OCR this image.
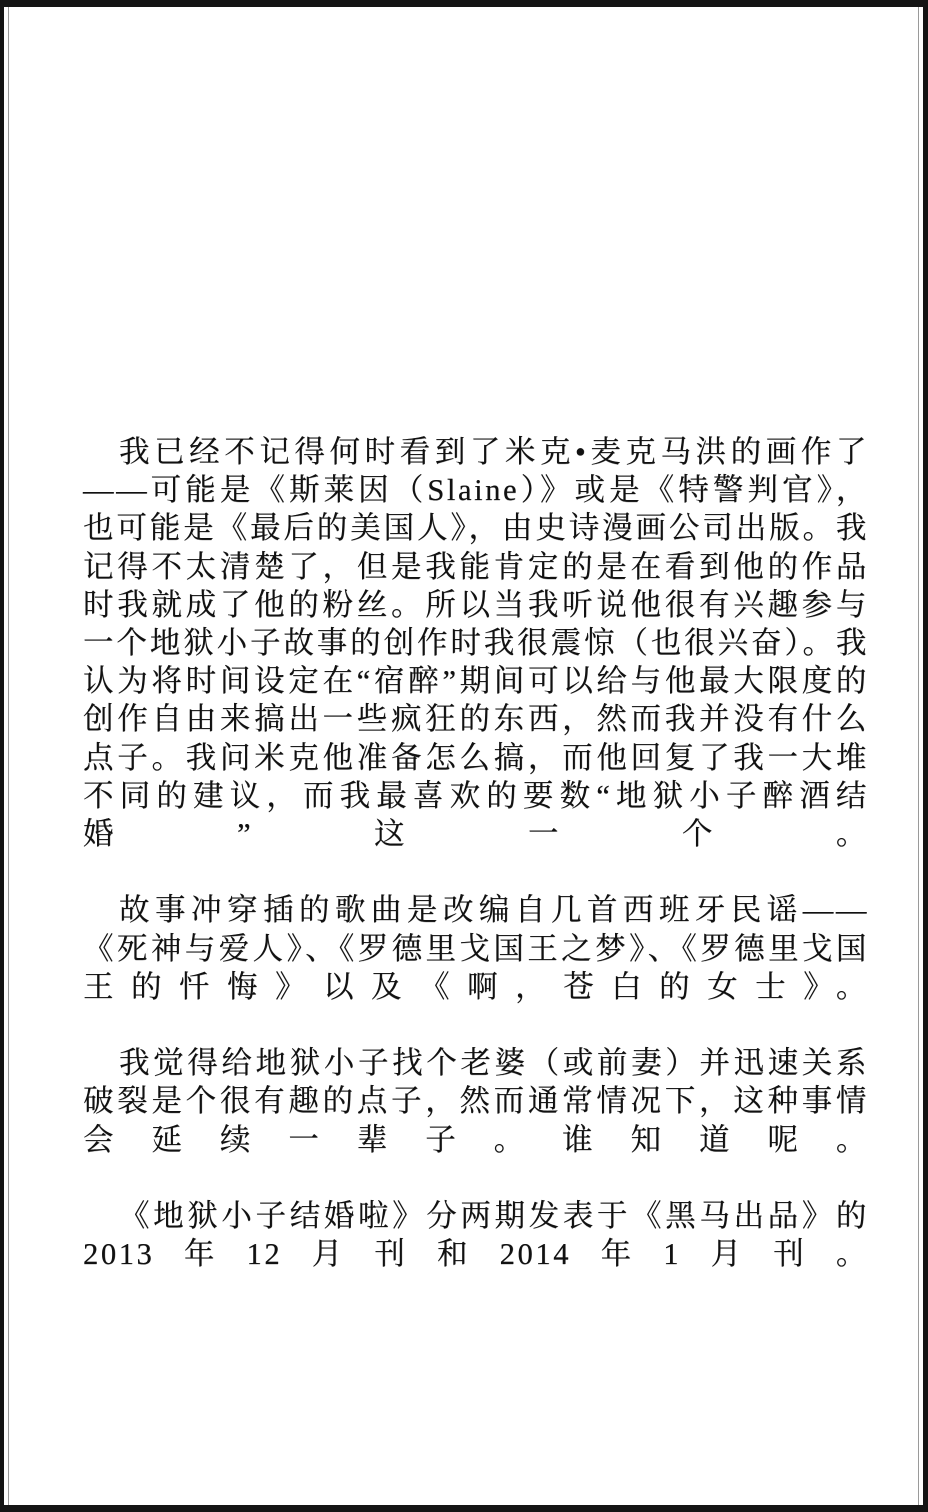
我已经不记得何时看到了米克•麦克马洪的画作了——可能是《斯莱因（Slaine）》或是《特警判官》，也可能是《最后的美国人》，由史诗漫画公司出版。我记得不太清楚了，但是我能肯定的是在看到他的作品时我就成了他的粉丝。所以当我听说他很有兴趣参与一个地狱小子故事的创作时我很震惊（也很兴奋）。我认为将时间设定在“宿醉”期间可以给与他最大限度的创作自由来搞出一些疯狂的东西，然而我并没有什么点子。我问米克他准备怎么搞，而他回复了我一大堆不同的建议，而我最喜欢的要数“地狱小子醉酒结婚”这一个。

故事冲穿插的歌曲是改编自几首西班牙民谣——《死神与爱人》、《罗德里戈国王之梦》、《罗德里戈国王的忏悔》以及《啊，苍白的女士》。

我觉得给地狱小子找个老婆（或前妻）并迅速关系破裂是个很有趣的点子，然而通常情况下，这种事情会延续一辈子。谁知道呢。

《地狱小子结婚啦》分两期发表于《黑马出品》的2013年12月刊和2014年1月刊。
